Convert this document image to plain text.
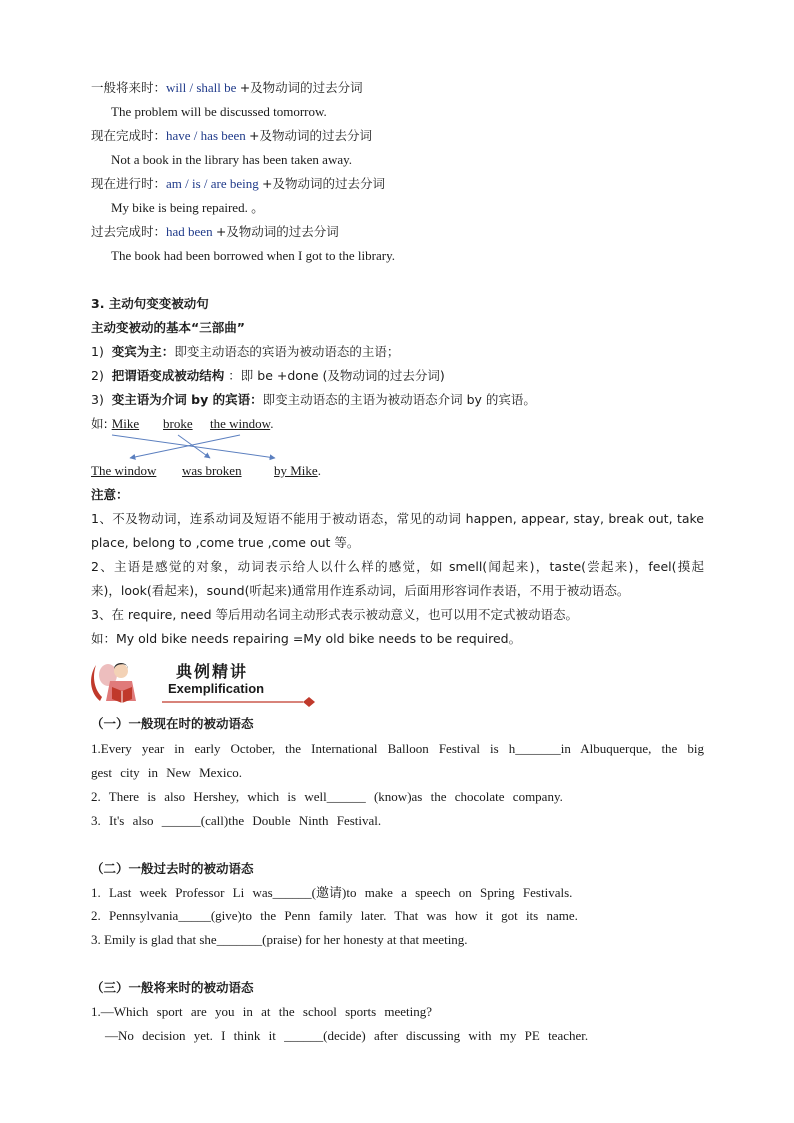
一般将来时：will / shall be +及物动词的过去分词
The problem will be discussed tomorrow.
现在完成时：have / has been +及物动词的过去分词
Not a book in the library has been taken away.
现在进行时：am / is / are being +及物动词的过去分词
My bike is being repaired. 。
过去完成时：had been +及物动词的过去分词
The book had been borrowed when I got to the library.
3. 主动句变变被动句
主动变被动的基本“三部曲”
1) 变宾为主：即变主动语态的宾语为被动语态的主语；
2) 把谓语变成被动结构 ：即 be +done (及物动词的过去分词)
3) 变主语为介词 by 的宾语：即变主动语态的主语为被动语态介词 by 的宾语。
如: Mike	broke the window.
The window was broken by Mike.
注意：
1、不及物动词，连系动词及短语不能用于被动语态，常见的动词 happen, appear, stay, break out, take
place, belong to ,come true ,come out 等。
2、主语是感觉的对象，动词表示给人以什么样的感觉，如 smell(闻起来)，taste(尝起来)，feel(摸起
来)，look(看起来)，sound(听起来)通常用作连系动词，后面用形容词作表语，不用于被动语态。
3、在 require, need 等后用动名词主动形式表示被动意义，也可以用不定式被动语态。
如：My old bike needs repairing =My old bike needs to be required。
典例精讲
Exemplification
（一）一般现在时的被动语态
1.Every year in early October, the International Balloon Festival is h_______in Albuquerque, the big
gest city in New Mexico.
2. There is also Hershey, which is well______ (know)as the chocolate company.
3. It's also ______(call)the Double Ninth Festival.
（二）一般过去时的被动语态
1. Last week Professor Li was______(邀请)to make a speech on Spring Festivals.
2. Pennsylvania_____(give)to the Penn family later. That was how it got its name.
3. Emily is glad that she_______(praise) for her honesty at that meeting.
（三）一般将来时的被动语态
1.—Which sport are you in at the school sports meeting?
—No decision yet. I think it ______(decide) after discussing with my PE teacher.
